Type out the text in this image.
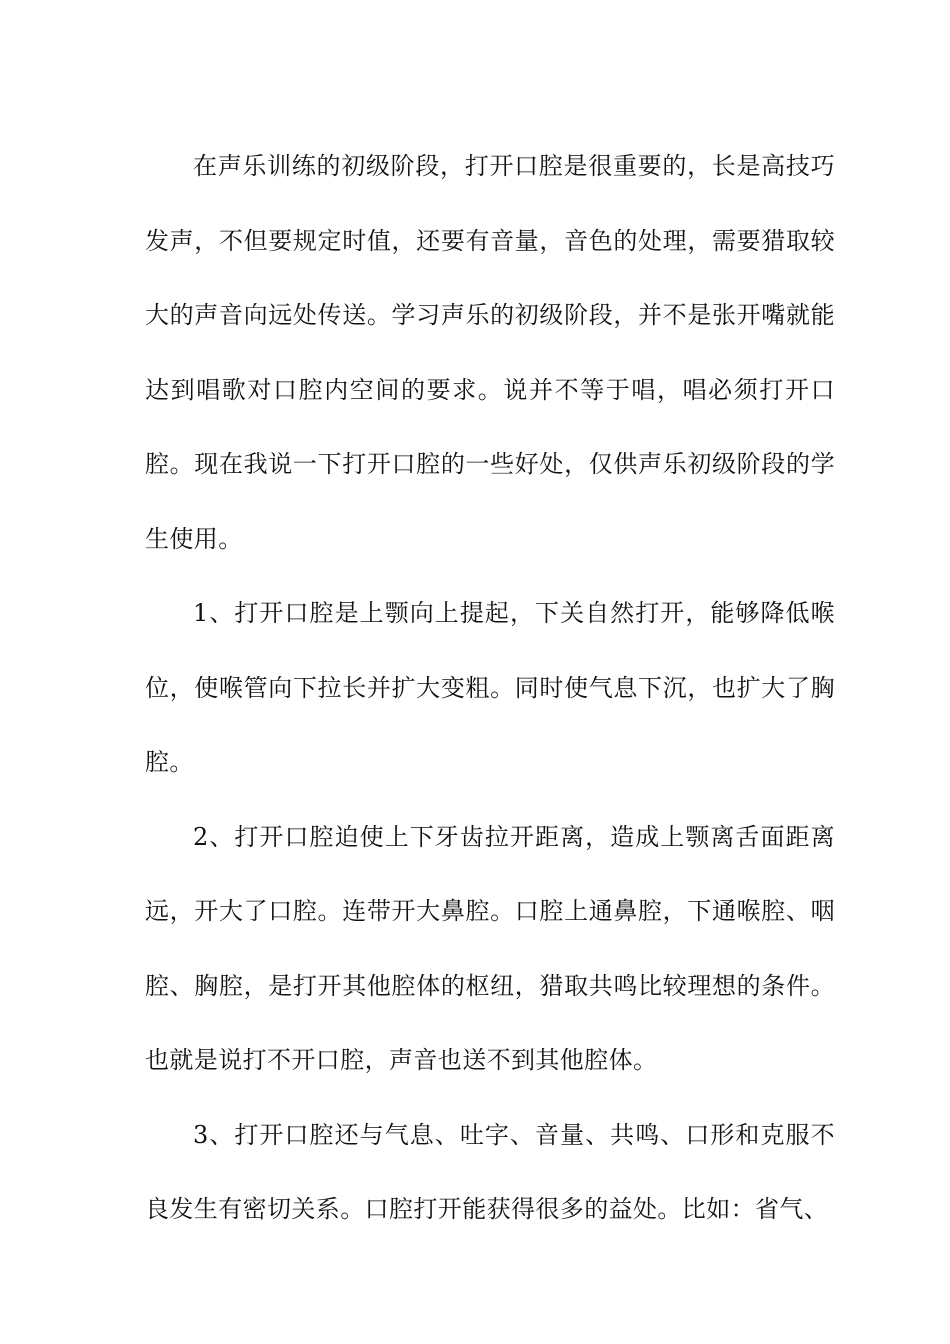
在声乐训练的初级阶段，打开口腔是很重要的，长是高技巧发声，不但要规定时值，还要有音量，音色的处理，需要猎取较大的声音向远处传送。学习声乐的初级阶段，并不是张开嘴就能达到唱歌对口腔内空间的要求。说并不等于唱，唱必须打开口腔。现在我说一下打开口腔的一些好处，仅供声乐初级阶段的学生使用。

1、打开口腔是上颚向上提起，下关自然打开，能够降低喉位，使喉管向下拉长并扩大变粗。同时使气息下沉，也扩大了胸腔。

2、打开口腔迫使上下牙齿拉开距离，造成上颚离舌面距离远，开大了口腔。连带开大鼻腔。口腔上通鼻腔，下通喉腔、咽腔、胸腔，是打开其他腔体的枢纽，猎取共鸣比较理想的条件。也就是说打不开口腔，声音也送不到其他腔体。

3、打开口腔还与气息、吐字、音量、共鸣、口形和克服不良发生有密切关系。口腔打开能获得很多的益处。比如：省气、
